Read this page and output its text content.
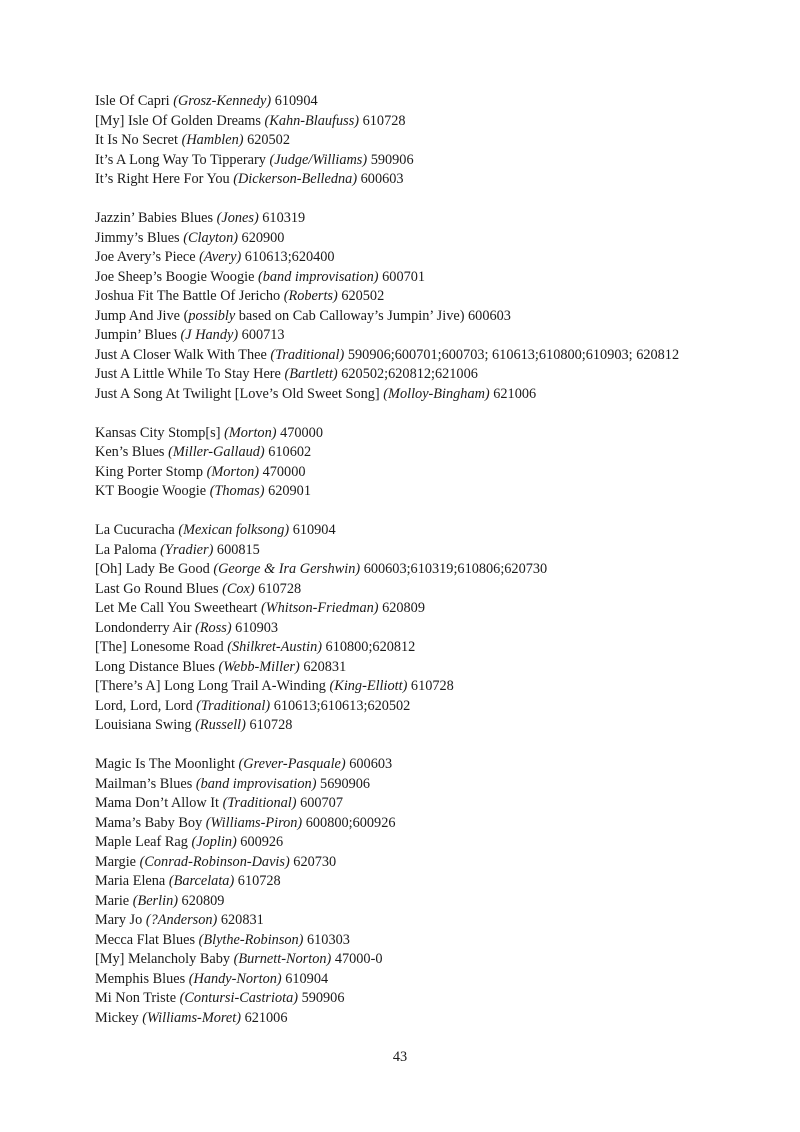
Isle Of Capri (Grosz-Kennedy) 610904
[My] Isle Of Golden Dreams (Kahn-Blaufuss) 610728
It Is No Secret (Hamblen) 620502
It’s A Long Way To Tipperary (Judge/Williams) 590906
It’s Right Here For You (Dickerson-Belledna) 600603
Jazzin’ Babies Blues (Jones) 610319
Jimmy’s Blues (Clayton) 620900
Joe Avery’s Piece (Avery) 610613;620400
Joe Sheep’s Boogie Woogie (band improvisation) 600701
Joshua Fit The Battle Of Jericho (Roberts) 620502
Jump And Jive (possibly based on Cab Calloway’s Jumpin’ Jive) 600603
Jumpin’ Blues (J Handy) 600713
Just A Closer Walk With Thee (Traditional) 590906;600701;600703; 610613;610800;610903; 620812
Just A Little While To Stay Here (Bartlett) 620502;620812;621006
Just A Song At Twilight [Love’s Old Sweet Song] (Molloy-Bingham) 621006
Kansas City Stomp[s] (Morton) 470000
Ken’s Blues (Miller-Gallaud) 610602
King Porter Stomp (Morton) 470000
KT Boogie Woogie (Thomas) 620901
La Cucuracha (Mexican folksong) 610904
La Paloma (Yradier) 600815
[Oh] Lady Be Good (George & Ira Gershwin) 600603;610319;610806;620730
Last Go Round Blues (Cox) 610728
Let Me Call You Sweetheart (Whitson-Friedman) 620809
Londonderry Air (Ross) 610903
[The] Lonesome Road (Shilkret-Austin) 610800;620812
Long Distance Blues (Webb-Miller) 620831
[There’s A] Long Long Trail A-Winding (King-Elliott) 610728
Lord, Lord, Lord (Traditional) 610613;610613;620502
Louisiana Swing (Russell) 610728
Magic Is The Moonlight (Grever-Pasquale) 600603
Mailman’s Blues (band improvisation) 5690906
Mama Don’t Allow It (Traditional) 600707
Mama’s Baby Boy (Williams-Piron) 600800;600926
Maple Leaf Rag (Joplin) 600926
Margie (Conrad-Robinson-Davis) 620730
Maria Elena (Barcelata) 610728
Marie (Berlin) 620809
Mary Jo (?Anderson) 620831
Mecca Flat Blues (Blythe-Robinson) 610303
[My] Melancholy Baby (Burnett-Norton) 47000-0
Memphis Blues (Handy-Norton) 610904
Mi Non Triste (Contursi-Castriota) 590906
Mickey (Williams-Moret) 621006
43
